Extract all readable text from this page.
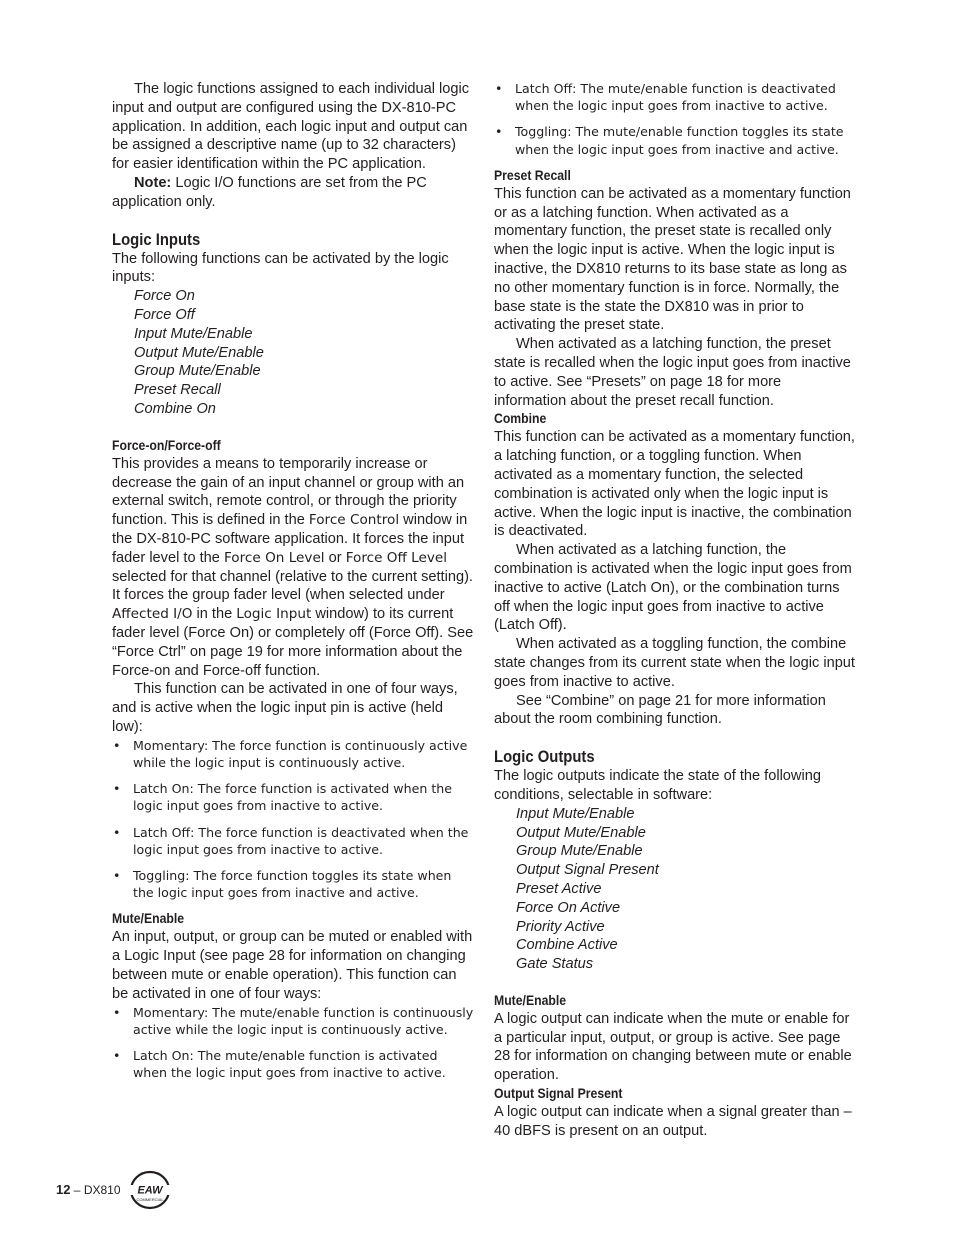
The logic functions assigned to each individual logic input and output are configured using the DX-810-PC application. In addition, each logic input and output can be assigned a descriptive name (up to 32 characters) for easier identification within the PC application.

Note: Logic I/O functions are set from the PC application only.

Logic Inputs

The following functions can be activated by the logic inputs:

Force On
Force Off
Input Mute/Enable
Output Mute/Enable
Group Mute/Enable
Preset Recall
Combine On
Force-on/Force-off

This provides a means to temporarily increase or decrease the gain of an input channel or group with an external switch, remote control, or through the priority function. This is defined in the Force Control window in the DX-810-PC software application. It forces the input fader level to the Force On Level or Force Off Level selected for that channel (relative to the current setting). It forces the group fader level (when selected under Affected I/O in the Logic Input window) to its current fader level (Force On) or completely off (Force Off). See “Force Ctrl” on page 19 for more information about the Force-on and Force-off function.

This function can be activated in one of four ways, and is active when the logic input pin is active (held low):

• Momentary: The force function is continuously active while the logic input is continuously active.
• Latch On: The force function is activated when the logic input goes from inactive to active.
• Latch Off: The force function is deactivated when the logic input goes from inactive to active.
• Toggling: The force function toggles its state when the logic input goes from inactive and active.
Mute/Enable

An input, output, or group can be muted or enabled with a Logic Input (see page 28 for information on changing between mute or enable operation). This function can be activated in one of four ways:

• Momentary: The mute/enable function is continuously active while the logic input is continuously active.
• Latch On: The mute/enable function is activated when the logic input goes from inactive to active.
• Latch Off: The mute/enable function is deactivated when the logic input goes from inactive to active.
• Toggling: The mute/enable function toggles its state when the logic input goes from inactive and active.
Preset Recall

This function can be activated as a momentary function or as a latching function. When activated as a momentary function, the preset state is recalled only when the logic input is active. When the logic input is inactive, the DX810 returns to its base state as long as no other momentary function is in force. Normally, the base state is the state the DX810 was in prior to activating the preset state.

When activated as a latching function, the preset state is recalled when the logic input goes from inactive to active. See “Presets” on page 18 for more information about the preset recall function.

Combine

This function can be activated as a momentary function, a latching function, or a toggling function. When activated as a momentary function, the selected combination is activated only when the logic input is active. When the logic input is inactive, the combination is deactivated.

When activated as a latching function, the combination is activated when the logic input goes from inactive to active (Latch On), or the combination turns off when the logic input goes from inactive to active (Latch Off).

When activated as a toggling function, the combine state changes from its current state when the logic input goes from inactive to active.

See “Combine” on page 21 for more information about the room combining function.

Logic Outputs

The logic outputs indicate the state of the following conditions, selectable in software:

Input Mute/Enable
Output Mute/Enable
Group Mute/Enable
Output Signal Present
Preset Active
Force On Active
Priority Active
Combine Active
Gate Status
Mute/Enable

A logic output can indicate when the mute or enable for a particular input, output, or group is active. See page 28 for information on changing between mute or enable operation.

Output Signal Present

A logic output can indicate when a signal greater than –40 dBFS is present on an output.

12 – DX810 EAW
COMMERCIAL
